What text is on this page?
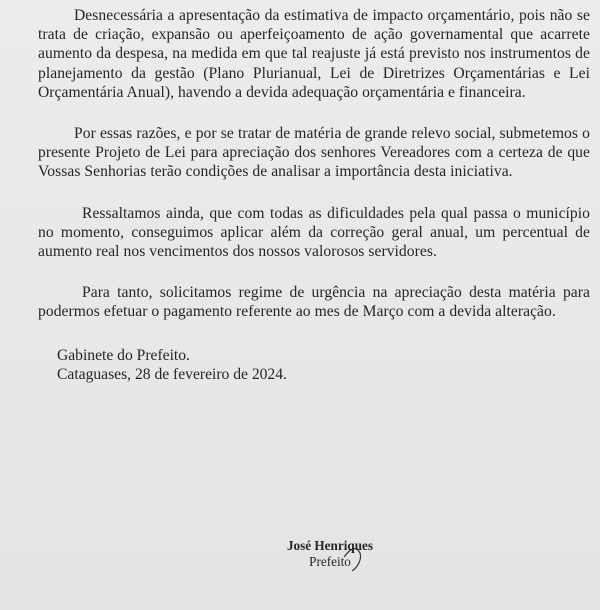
Desnecessária a apresentação da estimativa de impacto orçamentário, pois não se trata de criação, expansão ou aperfeiçoamento de ação governamental que acarrete aumento da despesa, na medida em que tal reajuste já está previsto nos instrumentos de planejamento da gestão (Plano Plurianual, Lei de Diretrizes Orçamentárias e Lei Orçamentária Anual), havendo a devida adequação orçamentária e financeira.

Por essas razões, e por se tratar de matéria de grande relevo social, submetemos o presente Projeto de Lei para apreciação dos senhores Vereadores com a certeza de que Vossas Senhorias terão condições de analisar a importância desta iniciativa.

Ressaltamos ainda, que com todas as dificuldades pela qual passa o município no momento, conseguimos aplicar além da correção geral anual, um percentual de aumento real nos vencimentos dos nossos valorosos servidores.

Para tanto, solicitamos regime de urgência na apreciação desta matéria para podermos efetuar o pagamento referente ao mes de Março com a devida alteração.

Gabinete do Prefeito.

Cataguases, 28 de fevereiro de 2024.

José Henriques
Prefeito
